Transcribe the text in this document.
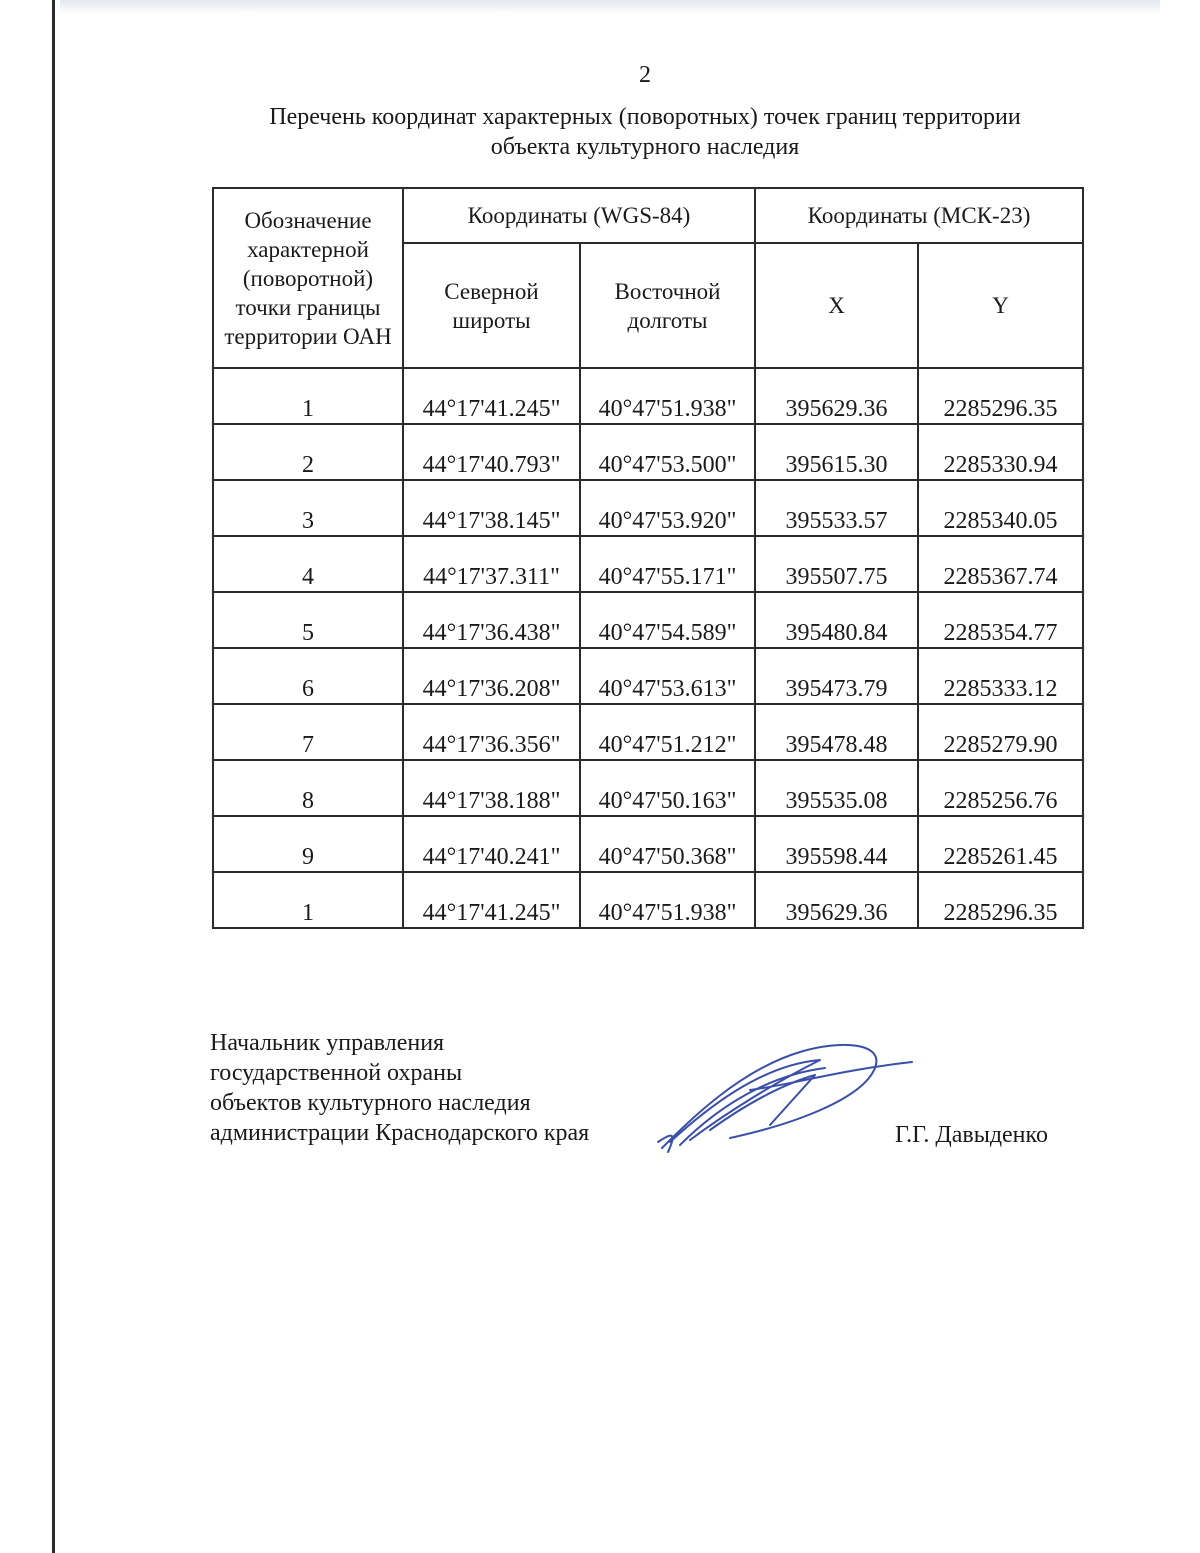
2
Перечень координат характерных (поворотных) точек границ территории
объекта культурного наследия
Обозначение характерной (поворотной) точки границы территории ОАН	Координаты (WGS-84)		Координаты (МСК-23)	
	Северной широты	Восточной долготы	X	Y
1	44°17'41.245"	40°47'51.938"	395629.36	2285296.35
2	44°17'40.793"	40°47'53.500"	395615.30	2285330.94
3	44°17'38.145"	40°47'53.920"	395533.57	2285340.05
4	44°17'37.311"	40°47'55.171"	395507.75	2285367.74
5	44°17'36.438"	40°47'54.589"	395480.84	2285354.77
6	44°17'36.208"	40°47'53.613"	395473.79	2285333.12
7	44°17'36.356"	40°47'51.212"	395478.48	2285279.90
8	44°17'38.188"	40°47'50.163"	395535.08	2285256.76
9	44°17'40.241"	40°47'50.368"	395598.44	2285261.45
1	44°17'41.245"	40°47'51.938"	395629.36	2285296.35
Начальник управления
государственной охраны
объектов культурного наследия
администрации Краснодарского края	Г.Г. Давыденко
